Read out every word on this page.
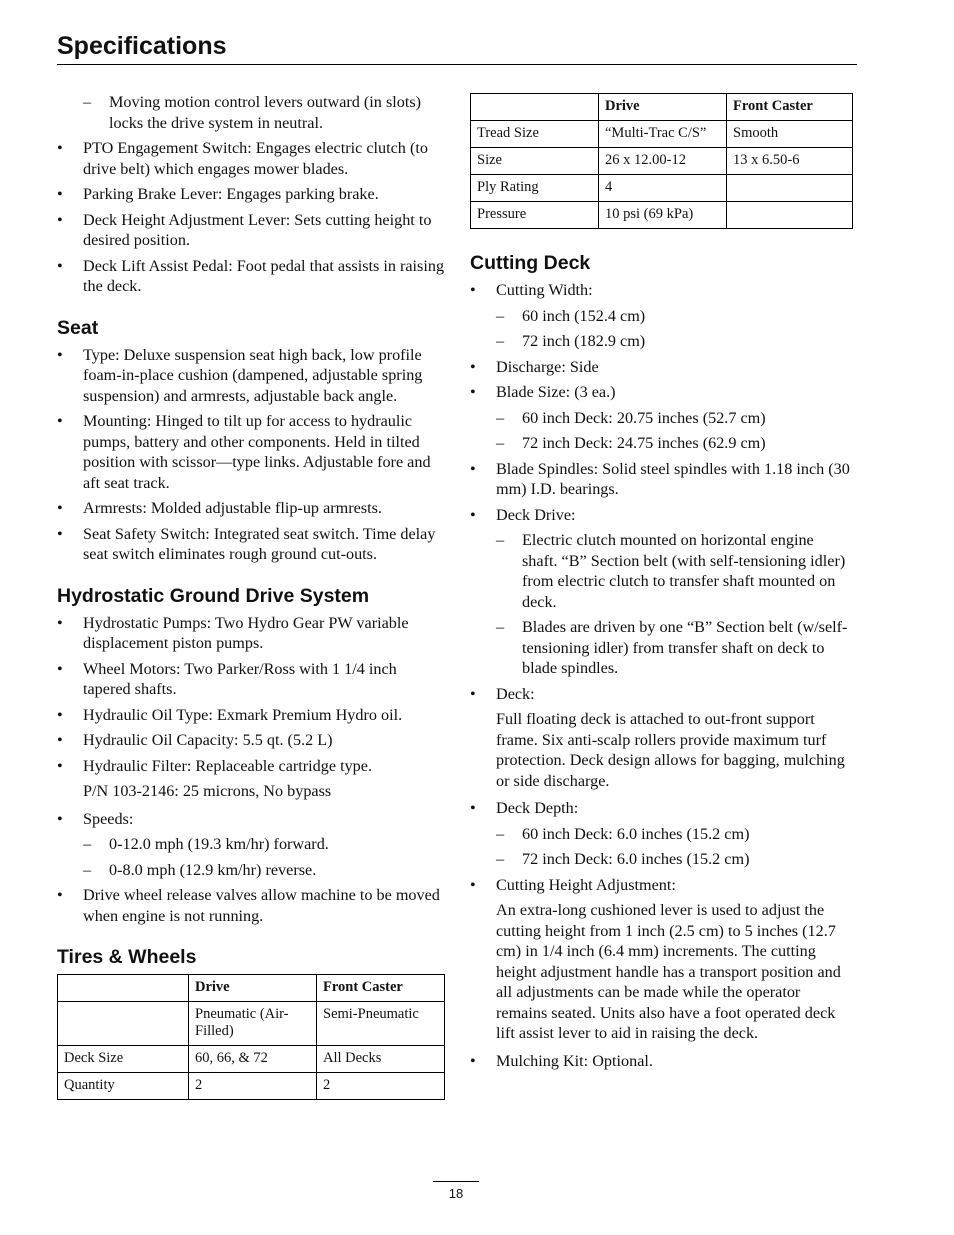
Specifications
– Moving motion control levers outward (in slots) locks the drive system in neutral.
•	PTO Engagement Switch: Engages electric clutch (to drive belt) which engages mower blades.
•	Parking Brake Lever: Engages parking brake.
•	Deck Height Adjustment Lever: Sets cutting height to desired position.
•	Deck Lift Assist Pedal: Foot pedal that assists in raising the deck.
Seat
•	Type: Deluxe suspension seat high back, low profile foam-in-place cushion (dampened, adjustable spring suspension) and armrests, adjustable back angle.
•	Mounting: Hinged to tilt up for access to hydraulic pumps, battery and other components. Held in tilted position with scissor—type links. Adjustable fore and aft seat track.
•	Armrests: Molded adjustable flip-up armrests.
•	Seat Safety Switch: Integrated seat switch. Time delay seat switch eliminates rough ground cut-outs.
Hydrostatic Ground Drive System
•	Hydrostatic Pumps: Two Hydro Gear PW variable displacement piston pumps.
•	Wheel Motors: Two Parker/Ross with 1 1/4 inch tapered shafts.
•	Hydraulic Oil Type: Exmark Premium Hydro oil.
•	Hydraulic Oil Capacity: 5.5 qt. (5.2 L)
•	Hydraulic Filter: Replaceable cartridge type.

P/N 103-2146: 25 microns, No bypass

•	Speeds:
– 0-12.0 mph (19.3 km/hr) forward.
– 0-8.0 mph (12.9 km/hr) reverse.
•	Drive wheel release valves allow machine to be moved when engine is not running.
Tires & Wheels
	Drive	Front Caster
	Pneumatic (Air-Filled)	Semi-Pneumatic
Deck Size	60, 66, & 72	All Decks
Quantity	2	2
	Drive	Front Caster
Tread Size	“Multi-Trac C/S”	Smooth
Size	26 x 12.00-12	13 x 6.50-6
Ply Rating	4	
Pressure	10 psi (69 kPa)	
Cutting Deck
•	Cutting Width:
– 60 inch (152.4 cm)
– 72 inch (182.9 cm)
•	Discharge: Side
•	Blade Size: (3 ea.)
– 60 inch Deck: 20.75 inches (52.7 cm)
– 72 inch Deck: 24.75 inches (62.9 cm)
•	Blade Spindles: Solid steel spindles with 1.18 inch (30 mm) I.D. bearings.
•	Deck Drive:
– Electric clutch mounted on horizontal engine shaft. “B” Section belt (with self-tensioning idler) from electric clutch to transfer shaft mounted on deck.
– Blades are driven by one “B” Section belt (w/self-tensioning idler) from transfer shaft on deck to blade spindles.
•	Deck:

Full floating deck is attached to out-front support frame. Six anti-scalp rollers provide maximum turf protection. Deck design allows for bagging, mulching or side discharge.

•	Deck Depth:
– 60 inch Deck: 6.0 inches (15.2 cm)
– 72 inch Deck: 6.0 inches (15.2 cm)
•	Cutting Height Adjustment:

An extra-long cushioned lever is used to adjust the cutting height from 1 inch (2.5 cm) to 5 inches (12.7 cm) in 1/4 inch (6.4 mm) increments. The cutting height adjustment handle has a transport position and all adjustments can be made while the operator remains seated. Units also have a foot operated deck lift assist lever to aid in raising the deck.

•	Mulching Kit: Optional.
18
